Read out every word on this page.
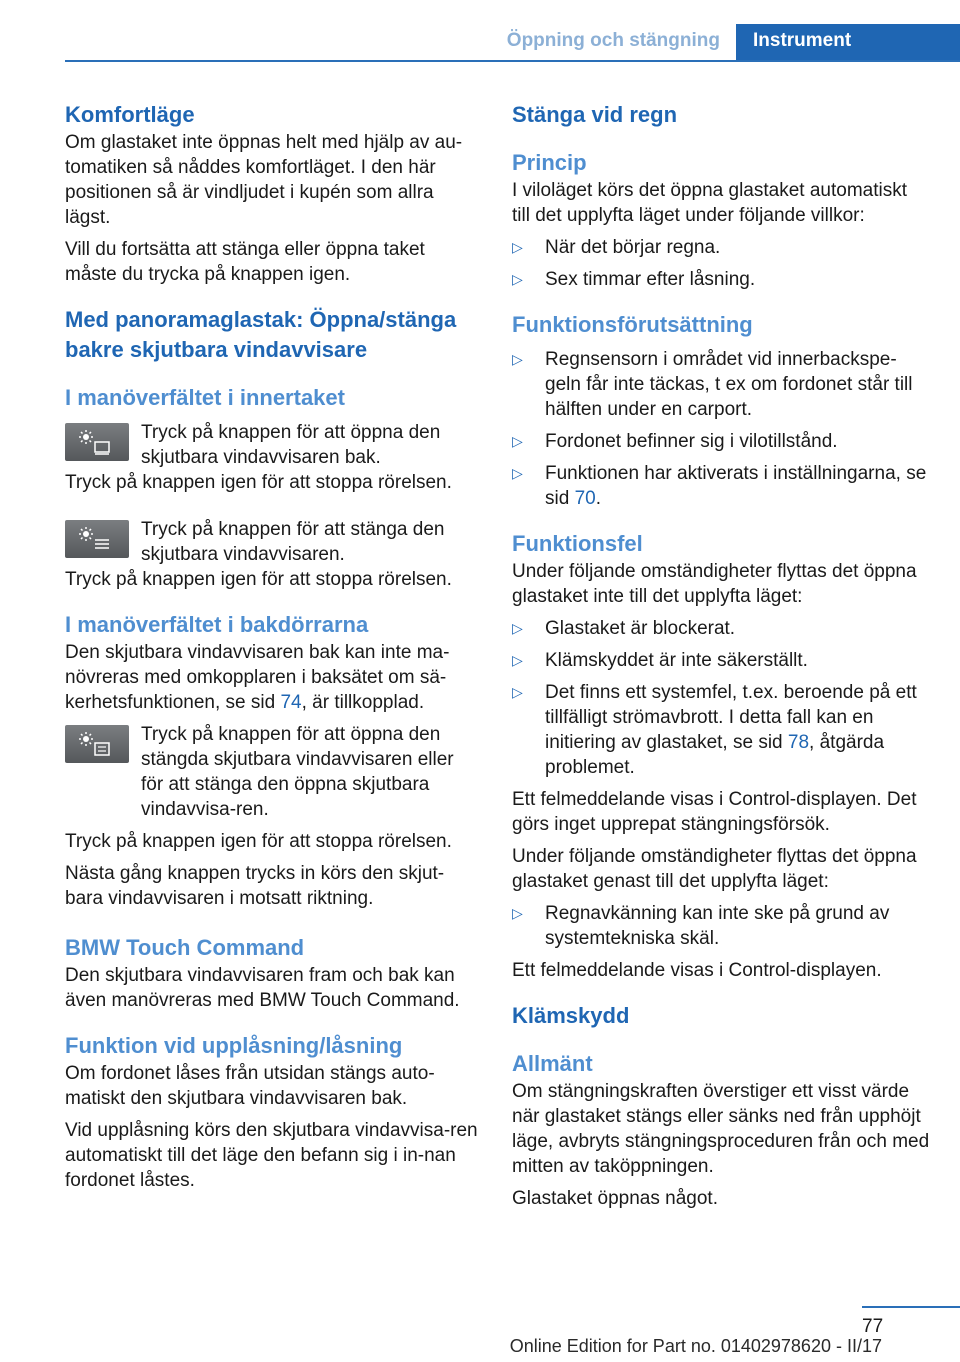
Öppning och stängning	Instrument
Komfortläge

Om glastaket inte öppnas helt med hjälp av au-tomatiken så nåddes komfortläget. I den här positionen så är vindljudet i kupén som allra lägst.

Vill du fortsätta att stänga eller öppna taket måste du trycka på knappen igen.

Med panoramaglastak: Öppna/stänga bakre skjutbara vindavvisare
I manöverfältet i innertaket

Tryck på knappen för att öppna den skjutbara vindavvisaren bak.

Tryck på knappen igen för att stoppa rörelsen.

Tryck på knappen för att stänga den skjutbara vindavvisaren.

Tryck på knappen igen för att stoppa rörelsen.

I manöverfältet i bakdörrarna

Den skjutbara vindavvisaren bak kan inte ma-növreras med omkopplaren i baksätet om sä-kerhetsfunktionen, se sid 74, är tillkopplad.

Tryck på knappen för att öppna den stängda skjutbara vindavvisaren eller för att stänga den öppna skjutbara vindavvisa-ren.

Tryck på knappen igen för att stoppa rörelsen.

Nästa gång knappen trycks in körs den skjut-bara vindavvisaren i motsatt riktning.

BMW Touch Command

Den skjutbara vindavvisaren fram och bak kan även manövreras med BMW Touch Command.

Funktion vid upplåsning/låsning

Om fordonet låses från utsidan stängs auto-matiskt den skjutbara vindavvisaren bak.

Vid upplåsning körs den skjutbara vindavvisa-ren automatiskt till det läge den befann sig i in-nan fordonet låstes.

Stänga vid regn
Princip

I viloläget körs det öppna glastaket automatiskt till det upplyfta läget under följande villkor:

▷ När det börjar regna.
▷ Sex timmar efter låsning.
Funktionsförutsättning
▷ Regnsensorn i området vid innerbackspe-geln får inte täckas, t ex om fordonet står till hälften under en carport.
▷ Fordonet befinner sig i vilotillstånd.
▷ Funktionen har aktiverats i inställningarna, se sid 70.
Funktionsfel

Under följande omständigheter flyttas det öppna glastaket inte till det upplyfta läget:

▷ Glastaket är blockerat.
▷ Klämskyddet är inte säkerställt.
▷ Det finns ett systemfel, t.ex. beroende på ett tillfälligt strömavbrott. I detta fall kan en initiering av glastaket, se sid 78, åtgärda problemet.

Ett felmeddelande visas i Control-displayen. Det görs inget upprepat stängningsförsök.

Under följande omständigheter flyttas det öppna glastaket genast till det upplyfta läget:

▷ Regnavkänning kan inte ske på grund av systemtekniska skäl.

Ett felmeddelande visas i Control-displayen.

Klämskydd
Allmänt

Om stängningskraften överstiger ett visst värde när glastaket stängs eller sänks ned från upphöjt läge, avbryts stängningsproceduren från och med mitten av taköppningen.

Glastaket öppnas något.

77
Online Edition for Part no. 01402978620 - II/17
